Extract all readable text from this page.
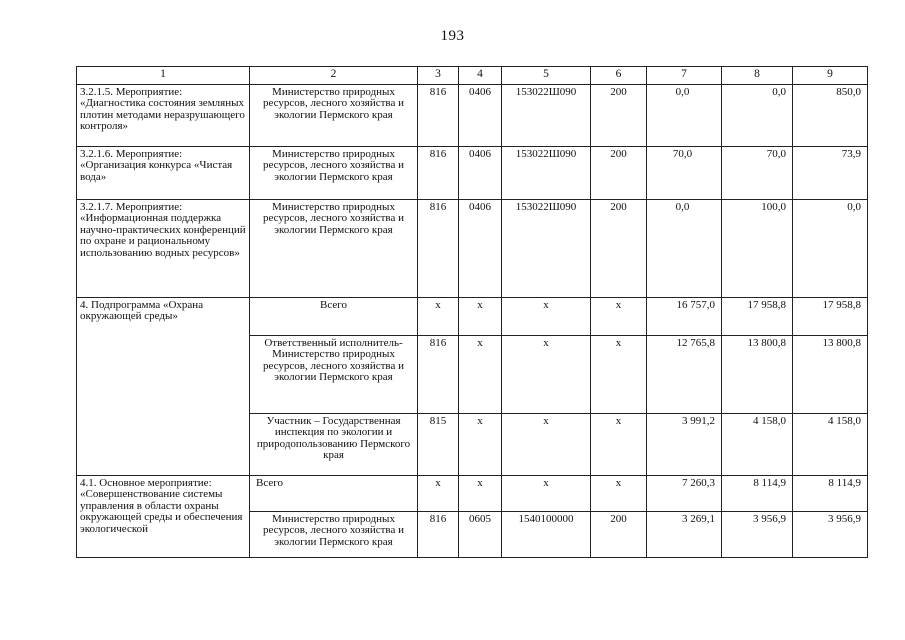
193
1	2	3	4	5	6	7	8	9
3.2.1.5. Мероприятие: «Диагностика состояния земляных плотин методами неразрушающего контроля»	Министерство природных ресурсов, лесного хозяйства и экологии Пермского края	816	0406	153022Ш090	200	0,0	0,0	850,0
3.2.1.6. Мероприятие: «Организация конкурса «Чистая вода»	Министерство природных ресурсов, лесного хозяйства и экологии Пермского края	816	0406	153022Ш090	200	70,0	70,0	73,9
3.2.1.7. Мероприятие: «Информационная поддержка научно-практических конференций по охране и рациональному использованию водных ресурсов»	Министерство природных ресурсов, лесного хозяйства и экологии Пермского края	816	0406	153022Ш090	200	0,0	100,0	0,0
4. Подпрограмма «Охрана окружающей среды»	Всего	х	х	х	х	16 757,0	17 958,8	17 958,8
	Ответственный исполнитель- Министерство природных ресурсов, лесного хозяйства и экологии Пермского края	816	х	х	х	12 765,8	13 800,8	13 800,8
	Участник – Государственная инспекция по экологии и природопользованию Пермского края	815	х	х	х	3 991,2	4 158,0	4 158,0
4.1. Основное мероприятие: «Совершенствование системы управления в области охраны окружающей среды и обеспечения экологической	Всего	х	х	х	х	7 260,3	8 114,9	8 114,9
	Министерство природных ресурсов, лесного хозяйства и экологии Пермского края	816	0605	1540100000	200	3 269,1	3 956,9	3 956,9
